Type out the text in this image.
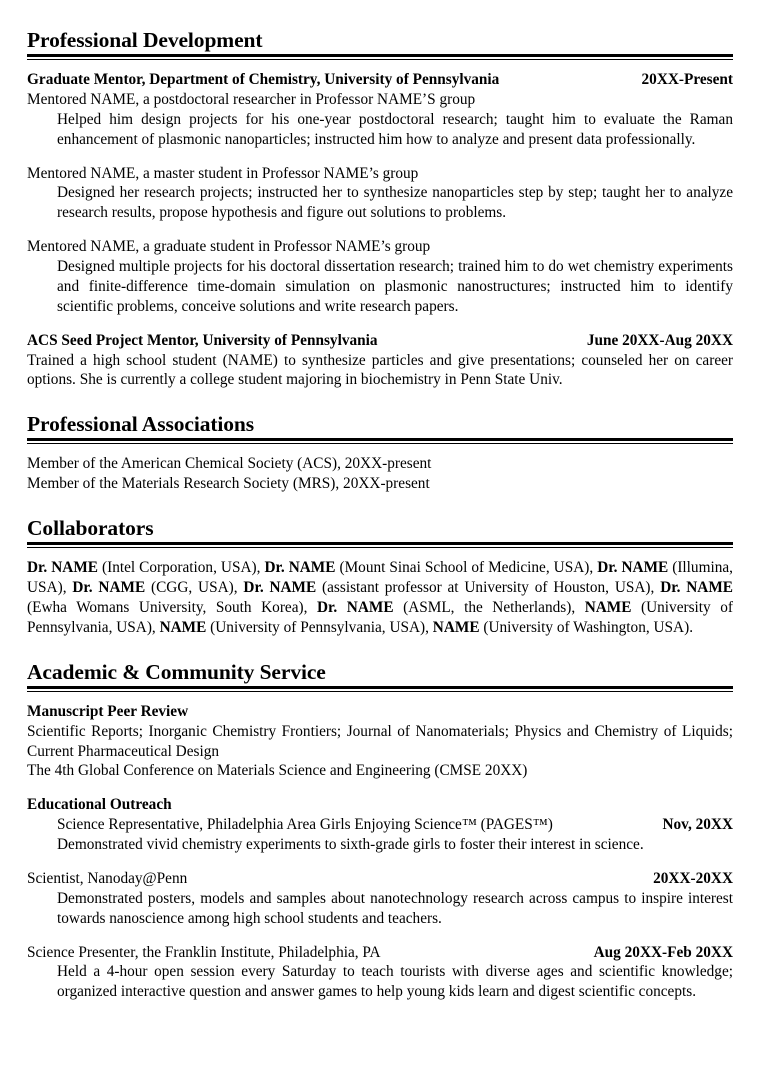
Professional Development
Graduate Mentor, Department of Chemistry, University of Pennsylvania	20XX-Present

Mentored NAME, a postdoctoral researcher in Professor NAME’S group

Helped him design projects for his one-year postdoctoral research; taught him to evaluate the Raman enhancement of plasmonic nanoparticles; instructed him how to analyze and present data professionally.

Mentored NAME, a master student in Professor NAME’s group

Designed her research projects; instructed her to synthesize nanoparticles step by step; taught her to analyze research results, propose hypothesis and figure out solutions to problems.

Mentored NAME, a graduate student in Professor NAME’s group

Designed multiple projects for his doctoral dissertation research; trained him to do wet chemistry experiments and finite-difference time-domain simulation on plasmonic nanostructures; instructed him to identify scientific problems, conceive solutions and write research papers.

ACS Seed Project Mentor, University of Pennsylvania	June 20XX-Aug 20XX

Trained a high school student (NAME) to synthesize particles and give presentations; counseled her on career options. She is currently a college student majoring in biochemistry in Penn State Univ.

Professional Associations

Member of the American Chemical Society (ACS), 20XX-present

Member of the Materials Research Society (MRS), 20XX-present

Collaborators

Dr. NAME (Intel Corporation, USA), Dr. NAME (Mount Sinai School of Medicine, USA), Dr. NAME (Illumina, USA), Dr. NAME (CGG, USA), Dr. NAME (assistant professor at University of Houston, USA), Dr. NAME (Ewha Womans University, South Korea), Dr. NAME (ASML, the Netherlands), NAME (University of Pennsylvania, USA), NAME (University of Pennsylvania, USA), NAME (University of Washington, USA).

Academic & Community Service
Manuscript Peer Review

Scientific Reports; Inorganic Chemistry Frontiers; Journal of Nanomaterials; Physics and Chemistry of Liquids; Current Pharmaceutical Design

The 4th Global Conference on Materials Science and Engineering (CMSE 20XX)

Educational Outreach
Science Representative, Philadelphia Area Girls Enjoying Science™ (PAGES™)	Nov, 20XX

Demonstrated vivid chemistry experiments to sixth-grade girls to foster their interest in science.

Scientist, Nanoday@Penn	20XX-20XX

Demonstrated posters, models and samples about nanotechnology research across campus to inspire interest towards nanoscience among high school students and teachers.

Science Presenter, the Franklin Institute, Philadelphia, PA	Aug 20XX-Feb 20XX

Held a 4-hour open session every Saturday to teach tourists with diverse ages and scientific knowledge; organized interactive question and answer games to help young kids learn and digest scientific concepts.
